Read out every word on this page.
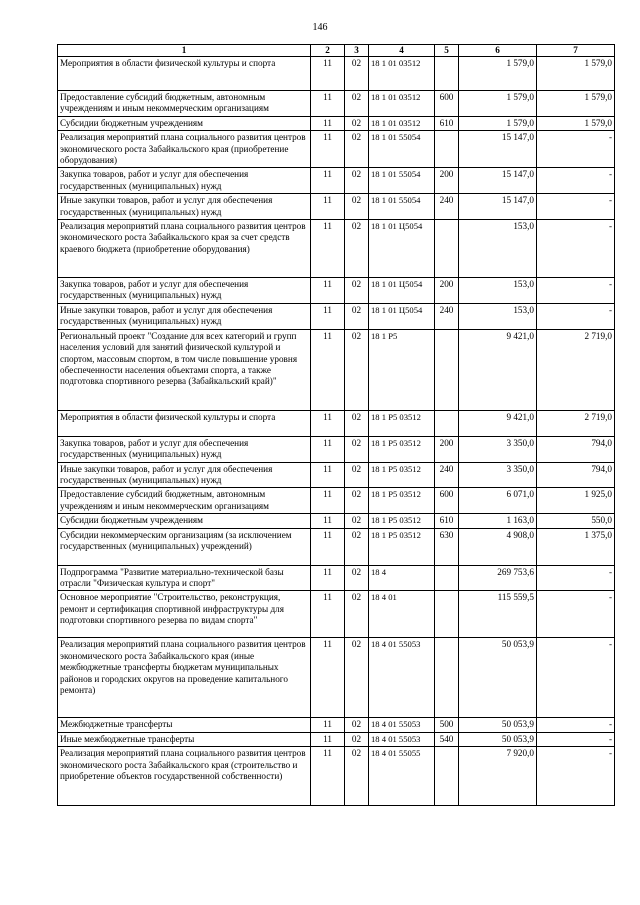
146
1	2	3	4	5	6	7
Мероприятия в области физической культуры и спорта	11	02	18 1 01 03512		1 579,0	1 579,0
Предоставление субсидий бюджетным, автономным учреждениям и иным некоммерческим организациям	11	02	18 1 01 03512	600	1 579,0	1 579,0
Субсидии бюджетным учреждениям	11	02	18 1 01 03512	610	1 579,0	1 579,0
Реализация мероприятий плана социального развития центров экономического роста Забайкальского края (приобретение оборудования)	11	02	18 1 01 55054		15 147,0	-
Закупка товаров, работ и услуг для обеспечения государственных (муниципальных) нужд	11	02	18 1 01 55054	200	15 147,0	-
Иные закупки товаров, работ и услуг для обеспечения государственных (муниципальных) нужд	11	02	18 1 01 55054	240	15 147,0	-
Реализация мероприятий плана социального развития центров экономического роста Забайкальского края за счет средств краевого бюджета (приобретение оборудования)	11	02	18 1 01 Ц5054		153,0	-
Закупка товаров, работ и услуг для обеспечения государственных (муниципальных) нужд	11	02	18 1 01 Ц5054	200	153,0	-
Иные закупки товаров, работ и услуг для обеспечения государственных (муниципальных) нужд	11	02	18 1 01 Ц5054	240	153,0	-
Региональный проект "Создание для всех категорий и групп населения условий для занятий физической культурой и спортом, массовым спортом, в том числе повышение уровня обеспеченности населения объектами спорта, а также подготовка спортивного резерва (Забайкальский край)"	11	02	18 1 P5		9 421,0	2 719,0
Мероприятия в области физической культуры и спорта	11	02	18 1 P5 03512		9 421,0	2 719,0
Закупка товаров, работ и услуг для обеспечения государственных (муниципальных) нужд	11	02	18 1 P5 03512	200	3 350,0	794,0
Иные закупки товаров, работ и услуг для обеспечения государственных (муниципальных) нужд	11	02	18 1 P5 03512	240	3 350,0	794,0
Предоставление субсидий бюджетным, автономным учреждениям и иным некоммерческим организациям	11	02	18 1 P5 03512	600	6 071,0	1 925,0
Субсидии бюджетным учреждениям	11	02	18 1 P5 03512	610	1 163,0	550,0
Субсидии некоммерческим организациям (за исключением государственных (муниципальных) учреждений)	11	02	18 1 P5 03512	630	4 908,0	1 375,0
Подпрограмма "Развитие материально-технической базы отрасли "Физическая культура и спорт"	11	02	18 4		269 753,6	-
Основное мероприятие "Строительство, реконструкция, ремонт и сертификация спортивной инфраструктуры для подготовки спортивного резерва по видам спорта"	11	02	18 4 01		115 559,5	-
Реализация мероприятий плана социального развития центров экономического роста Забайкальского края (иные межбюджетные трансферты бюджетам муниципальных районов и городских округов на проведение капитального ремонта)	11	02	18 4 01 55053		50 053,9	-
Межбюджетные трансферты	11	02	18 4 01 55053	500	50 053,9	-
Иные межбюджетные трансферты	11	02	18 4 01 55053	540	50 053,9	-
Реализация мероприятий плана социального развития центров экономического роста Забайкальского края (строительство и приобретение объектов государственной собственности)	11	02	18 4 01 55055		7 920,0	-
